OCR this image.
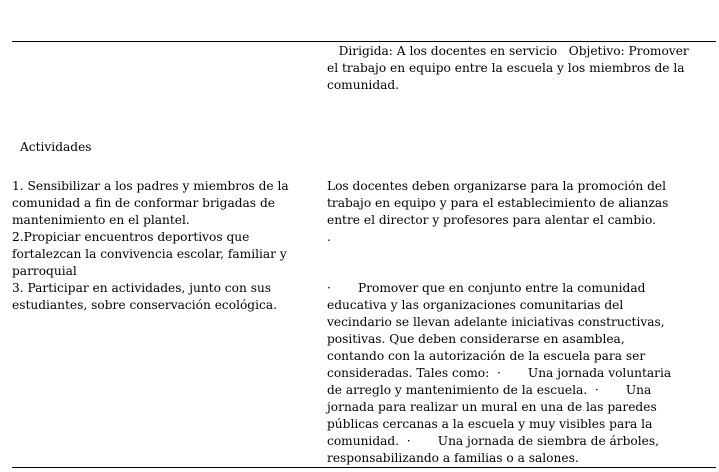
Dirigida: A los docentes en servicio   Objetivo: Promover
el trabajo en equipo entre la escuela y los miembros de la
comunidad.
Actividades
1. Sensibilizar a los padres y miembros de la
comunidad a fin de conformar brigadas de
mantenimiento en el plantel.
2.Propiciar encuentros deportivos que
fortalezcan la convivencia escolar, familiar y
parroquial
3. Participar en actividades, junto con sus
estudiantes, sobre conservación ecológica.
Los docentes deben organizarse para la promoción del
trabajo en equipo y para el establecimiento de alianzas
entre el director y profesores para alentar el cambio.
.
·       Promover que en conjunto entre la comunidad
educativa y las organizaciones comunitarias del
vecindario se llevan adelante iniciativas constructivas,
positivas. Que deben considerarse en asamblea,
contando con la autorización de la escuela para ser
consideradas. Tales como:  ·       Una jornada voluntaria
de arreglo y mantenimiento de la escuela.  ·       Una
jornada para realizar un mural en una de las paredes
públicas cercanas a la escuela y muy visibles para la
comunidad.  ·       Una jornada de siembra de árboles,
responsabilizando a familias o a salones.
